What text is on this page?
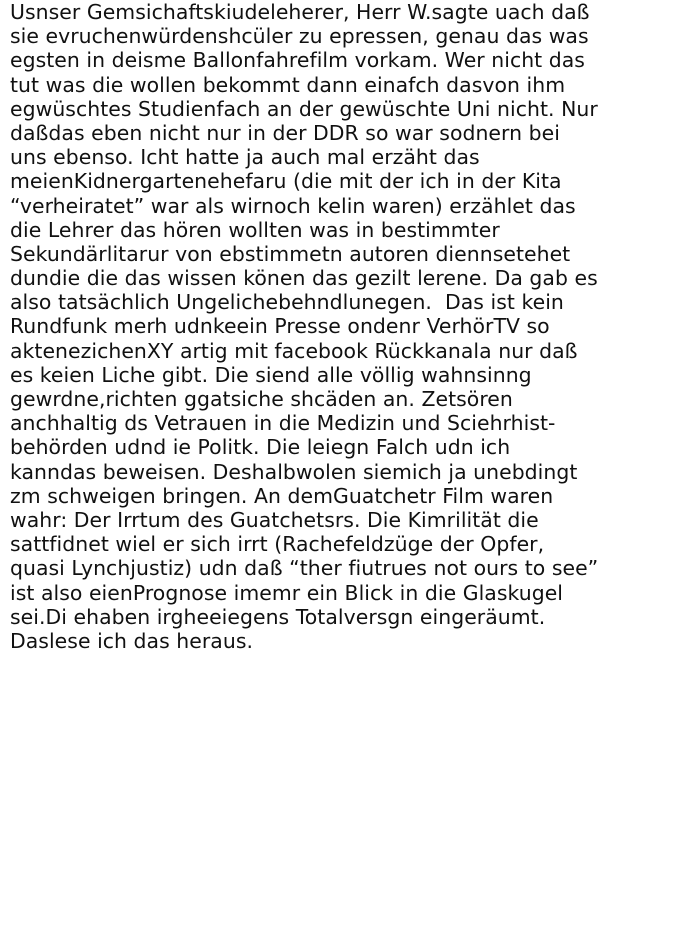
Usnser Gemsichaftskiudeleherer, Herr W.sagte uach daß
sie evruchenwürdenshcüler zu epressen, genau das was
egsten in deisme Ballonfahrefilm vorkam. Wer nicht das
tut was die wollen bekommt dann einafch dasvon ihm
egwüschtes Studienfach an der gewüschte Uni nicht. Nur
daßdas eben nicht nur in der DDR so war sodnern bei
uns ebenso. Icht hatte ja auch mal erzäht das
meienKidnergartenehefaru (die mit der ich in der Kita
“verheiratet” war als wirnoch kelin waren) erzählet das
die Lehrer das hören wollten was in bestimmter
Sekundärlitarur von ebstimmetn autoren diennsetehet
dundie die das wissen könen das gezilt lerene. Da gab es
also tatsächlich Ungelichebehndlunegen.  Das ist kein
Rundfunk merh udnkeein Presse ondenr VerhörTV so
aktenezichenXY artig mit facebook Rückkanala nur daß
es keien Liche gibt. Die siend alle völlig wahnsinng
gewrdne,richten ggatsiche shcäden an. Zetsören
anchhaltig ds Vetrauen in die Medizin und Sciehrhist-
behörden udnd ie Politk. Die leiegn Falch udn ich
kanndas beweisen. Deshalbwolen siemich ja unebdingt
zm schweigen bringen. An demGuatchetr Film waren
wahr: Der Irrtum des Guatchetsrs. Die Kimrilität die
sattfidnet wiel er sich irrt (Rachefeldzüge der Opfer,
quasi Lynchjustiz) udn daß “ther fiutrues not ours to see”
ist also eienPrognose imemr ein Blick in die Glaskugel
sei.Di ehaben irgheeiegens Totalversgn eingeräumt.
Daslese ich das heraus.
